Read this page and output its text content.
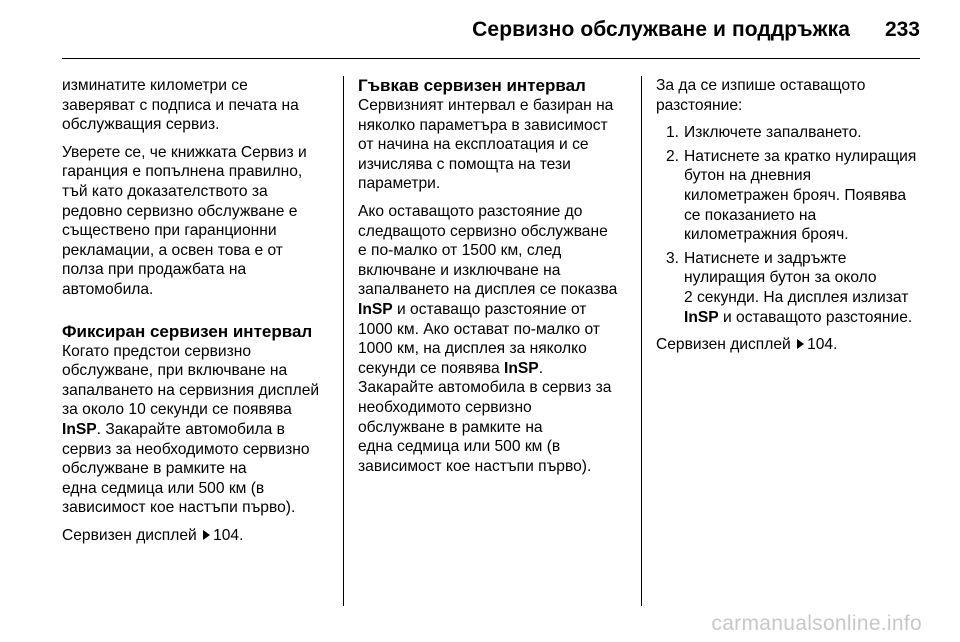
Сервизно обслужване и поддръжка 233

изминатите километри се
заверяват с подписа и печата на
обслужващия сервиз.

Уверете се, че книжката Сервиз и
гаранция е попълнена правилно,
тъй като доказателството за
редовно сервизно обслужване е
съществено при гаранционни
рекламации, а освен това е от
полза при продажбата на
автомобила.

Фиксиран сервизен интервал

Когато предстои сервизно
обслужване, при включване на
запалването на сервизния дисплей
за около 10 секунди се появява
InSP. Закарайте автомобила в
сервиз за необходимото сервизно
обслужване в рамките на
една седмица или 500 км (в
зависимост кое настъпи първо).

Сервизен дисплей 104.

Гъвкав сервизен интервал

Сервизният интервал е базиран на
няколко параметъра в зависимост
от начина на експлоатация и се
изчислява с помощта на тези
параметри.

Ако оставащото разстояние до
следващото сервизно обслужване
е по-малко от 1500 км, след
включване и изключване на
запалването на дисплея се показва
InSP и оставащо разстояние от
1000 км. Ако остават по-малко от
1000 км, на дисплея за няколко
секунди се появява InSP.
Закарайте автомобила в сервиз за
необходимото сервизно
обслужване в рамките на
една седмица или 500 км (в
зависимост кое настъпи първо).

За да се изпише оставащото
разстояние:

1. Изключете запалването.
2. Натиснете за кратко нулиращия
бутон на дневния
километражен брояч. Появява
се показанието на
километражния брояч.
3. Натиснете и задръжте
нулиращия бутон за около
2 секунди. На дисплея излизат
InSP и оставащото разстояние.

Сервизен дисплей 104.

carmanualsonline.info
